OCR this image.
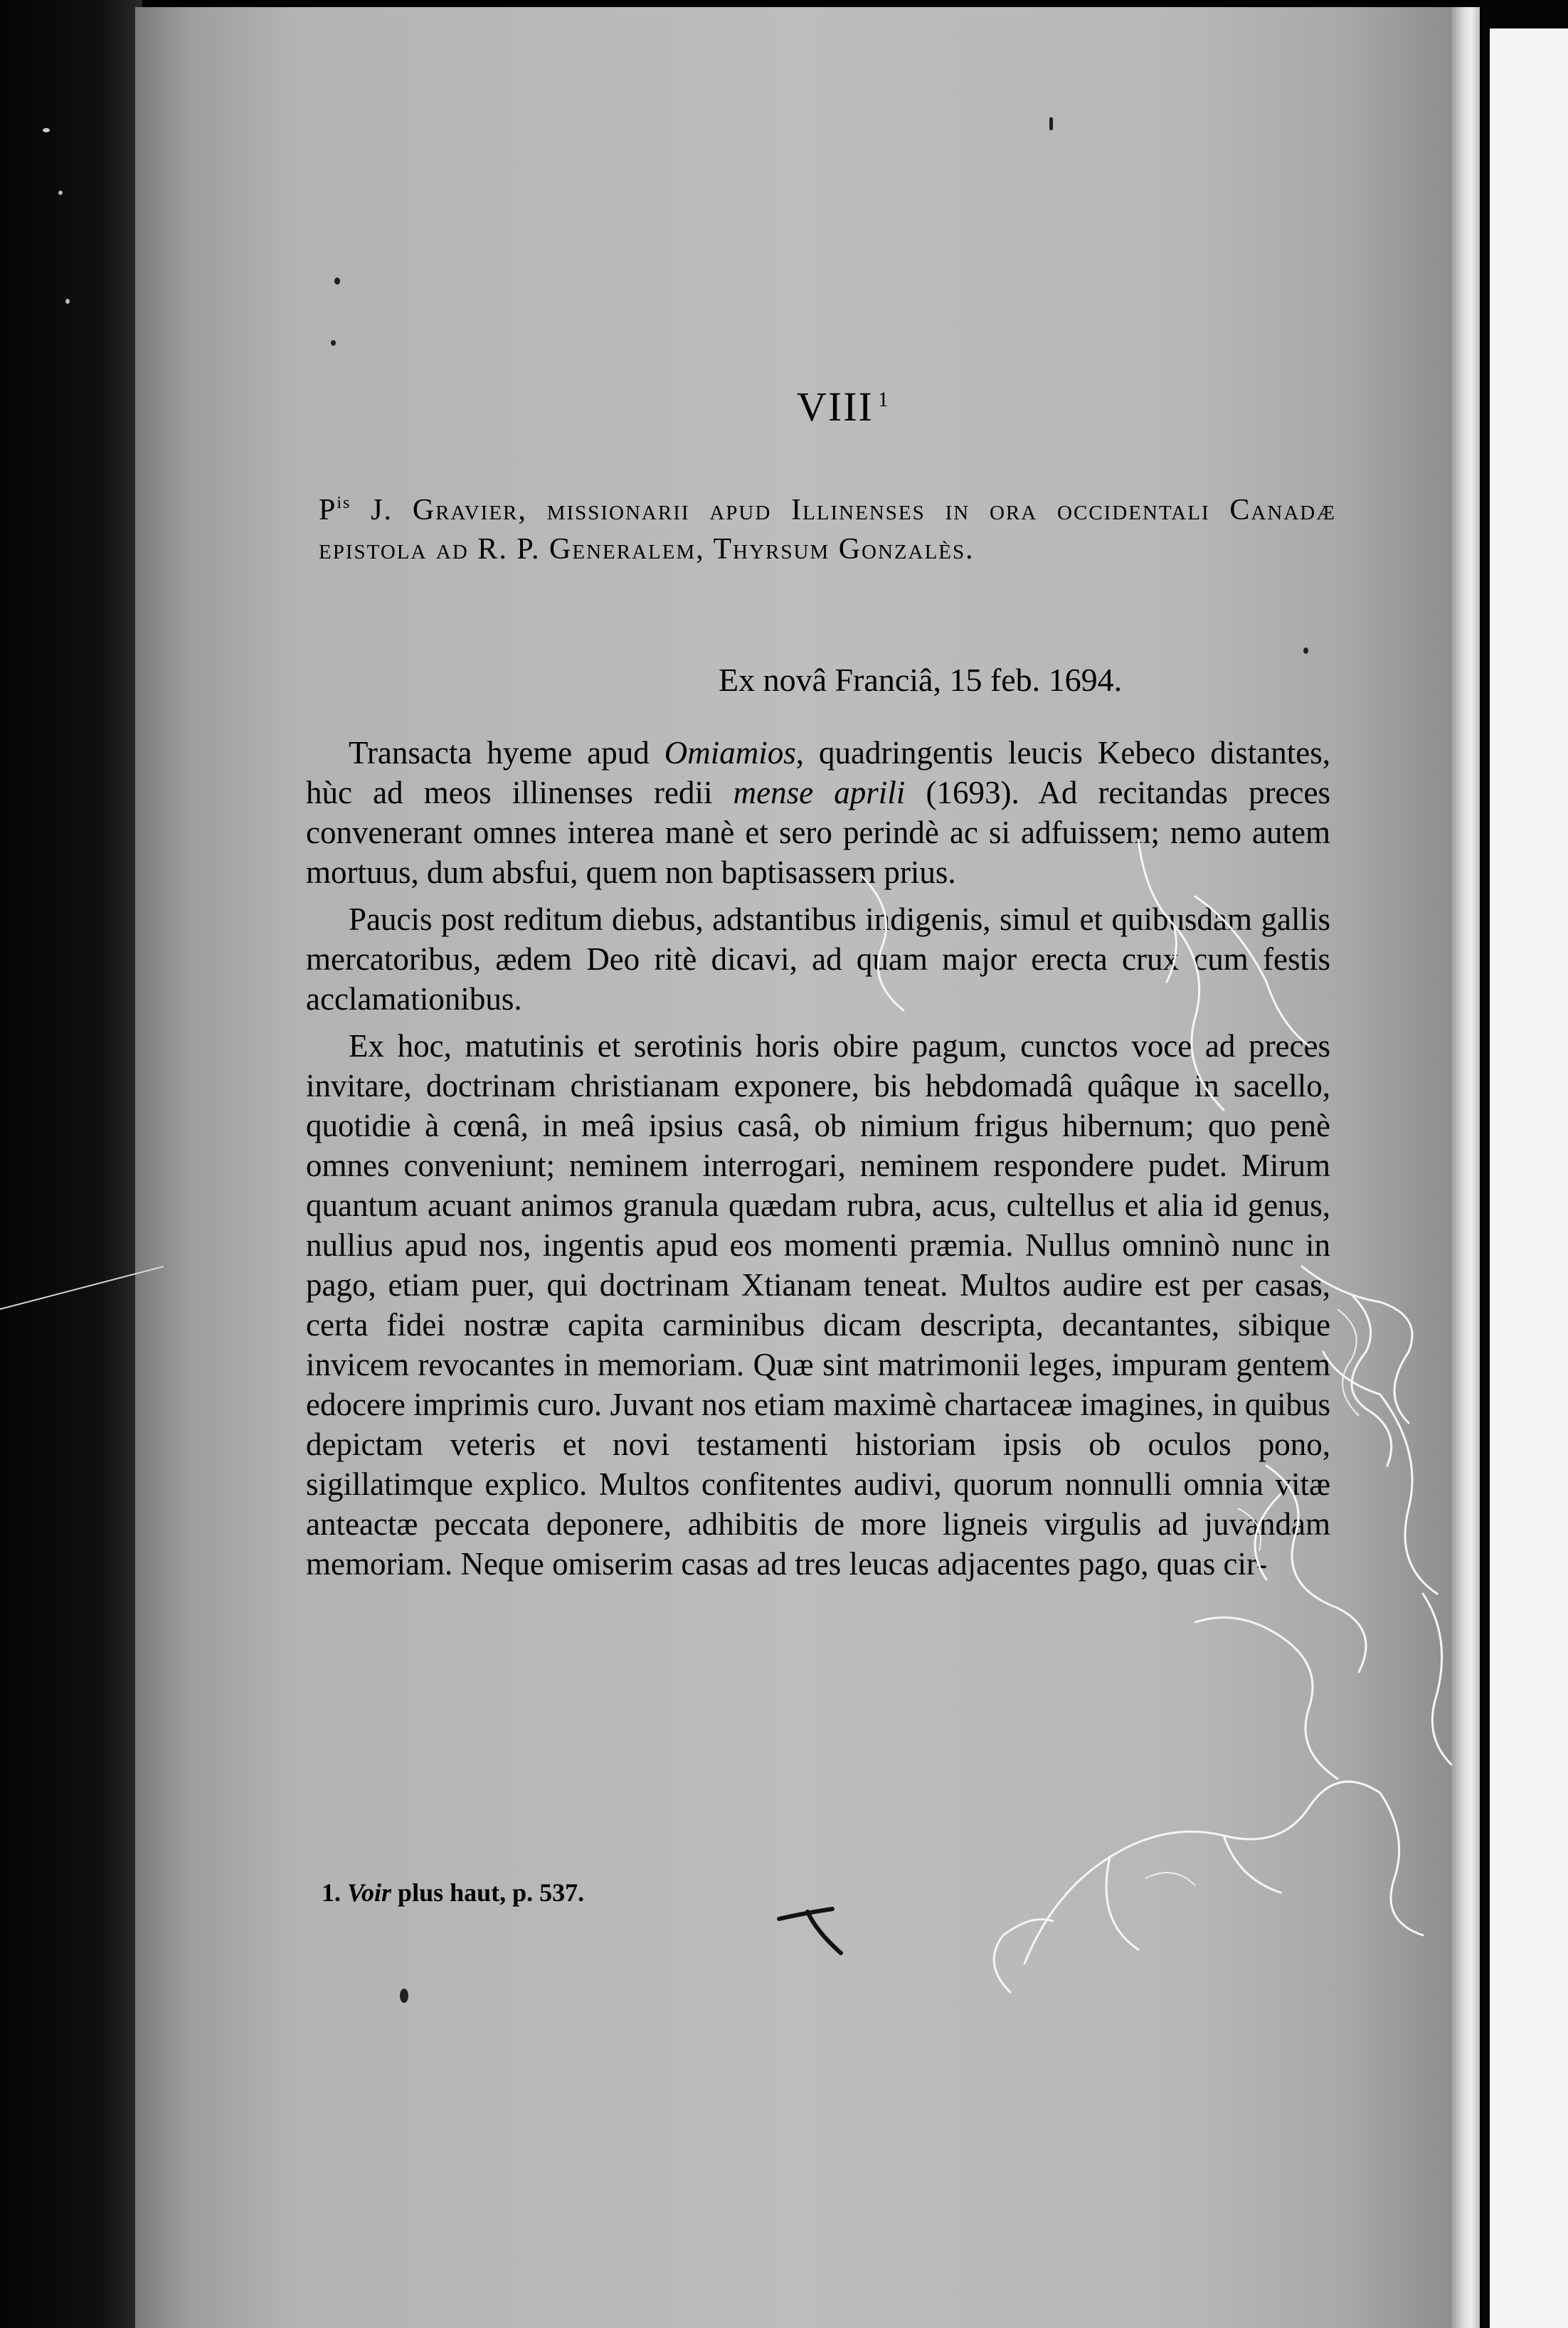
VIII $^1$
$P^{is}$ J. Gravier, missionarii apud Illinenses in ora occidentali Canadæ epistola ad R. P. Generalem, Thyrsum Gonzalès.
Ex novâ Franciâ, 15 feb. 1694.

Transacta hyeme apud Omiamios, quadringentis leucis Kebeco distantes, hùc ad meos illinenses redii mense aprili (1693). Ad recitandas preces convenerant omnes interea manè et sero perindè ac si adfuissem; nemo autem mortuus, dum absfui, quem non baptisassem prius.

Paucis post reditum diebus, adstantibus indigenis, simul et quibusdam gallis mercatoribus, ædem Deo ritè dicavi, ad quam major erecta crux cum festis acclamationibus.

Ex hoc, matutinis et serotinis horis obire pagum, cunctos voce ad preces invitare, doctrinam christianam exponere, bis hebdomadâ quâque in sacello, quotidie à cœnâ, in meâ ipsius casâ, ob nimium frigus hibernum; quo penè omnes conveniunt; neminem interrogari, neminem respondere pudet. Mirum quantum acuant animos granula quædam rubra, acus, cultellus et alia id genus, nullius apud nos, ingentis apud eos momenti præmia. Nullus omninò nunc in pago, etiam puer, qui doctrinam Xtianam teneat. Multos audire est per casas, certa fidei nostræ capita carminibus dicam descripta, decantantes, sibique invicem revocantes in memoriam. Quæ sint matrimonii leges, impuram gentem edocere imprimis curo. Juvant nos etiam maximè chartaceæ imagines, in quibus depictam veteris et novi testamenti historiam ipsis ob oculos pono, sigillatimque explico. Multos confitentes audivi, quorum nonnulli omnia vitæ anteactæ peccata deponere, adhibitis de more ligneis virgulis ad juvandam memoriam. Neque omiserim casas ad tres leucas adjacentes pago, quas cir-

1. Voir plus haut, p. 537.
